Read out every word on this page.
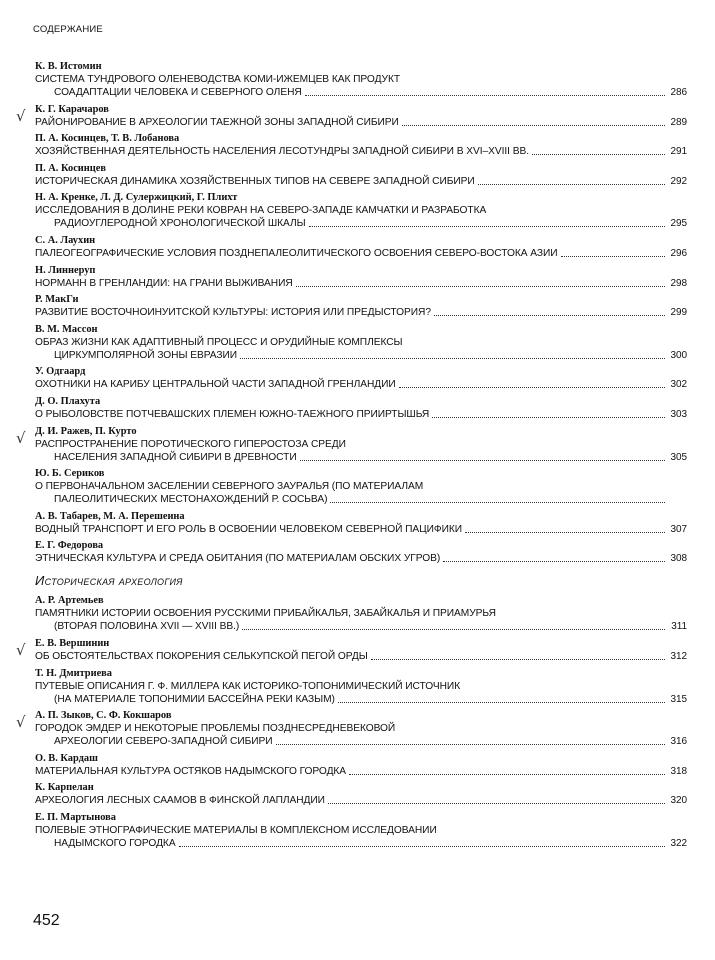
СОДЕРЖАНИЕ
К. В. Истомин
СИСТЕМА ТУНДРОВОГО ОЛЕНЕВОДСТВА КОМИ-ИЖЕМЦЕВ КАК ПРОДУКТ
СОАДАПТАЦИИ ЧЕЛОВЕКА И СЕВЕРНОГО ОЛЕНЯ	286
К. Г. Карачаров
РАЙОНИРОВАНИЕ В АРХЕОЛОГИИ ТАЕЖНОЙ ЗОНЫ ЗАПАДНОЙ СИБИРИ	289
П. А. Косинцев, Т. В. Лобанова
ХОЗЯЙСТВЕННАЯ ДЕЯТЕЛЬНОСТЬ НАСЕЛЕНИЯ ЛЕСОТУНДРЫ ЗАПАДНОЙ СИБИРИ В XVI–XVIII ВВ.	291
П. А. Косинцев
ИСТОРИЧЕСКАЯ ДИНАМИКА ХОЗЯЙСТВЕННЫХ ТИПОВ НА СЕВЕРЕ ЗАПАДНОЙ СИБИРИ	292
Н. А. Кренке, Л. Д. Сулержицкий, Г. Плихт
ИССЛЕДОВАНИЯ В ДОЛИНЕ РЕКИ КОВРАН НА СЕВЕРО-ЗАПАДЕ КАМЧАТКИ И РАЗРАБОТКА
РАДИОУГЛЕРОДНОЙ ХРОНОЛОГИЧЕСКОЙ ШКАЛЫ	295
С. А. Лаухин
ПАЛЕОГЕОГРАФИЧЕСКИЕ УСЛОВИЯ ПОЗДНЕПАЛЕОЛИТИЧЕСКОГО ОСВОЕНИЯ СЕВЕРО-ВОСТОКА АЗИИ	296
Н. Линнеруп
НОРМАНН В ГРЕНЛАНДИИ: НА ГРАНИ ВЫЖИВАНИЯ	298
Р. МакГи
РАЗВИТИЕ ВОСТОЧНОИНУИТСКОЙ КУЛЬТУРЫ: ИСТОРИЯ ИЛИ ПРЕДЫСТОРИЯ?	299
В. М. Массон
ОБРАЗ ЖИЗНИ КАК АДАПТИВНЫЙ ПРОЦЕСС И ОРУДИЙНЫЕ КОМПЛЕКСЫ
ЦИРКУМПОЛЯРНОЙ ЗОНЫ ЕВРАЗИИ	300
У. Одгаард
ОХОТНИКИ НА КАРИБУ ЦЕНТРАЛЬНОЙ ЧАСТИ ЗАПАДНОЙ ГРЕНЛАНДИИ	302
Д. О. Плахута
О РЫБОЛОВСТВЕ ПОТЧЕВАШСКИХ ПЛЕМЕН ЮЖНО-ТАЕЖНОГО ПРИИРТЫШЬЯ	303
Д. И. Ражев, П. Курто
РАСПРОСТРАНЕНИЕ ПОРОТИЧЕСКОГО ГИПЕРОСТОЗА СРЕДИ
НАСЕЛЕНИЯ ЗАПАДНОЙ СИБИРИ В ДРЕВНОСТИ	305
Ю. Б. Сериков
О ПЕРВОНАЧАЛЬНОМ ЗАСЕЛЕНИИ СЕВЕРНОГО ЗАУРАЛЬЯ (ПО МАТЕРИАЛАМ
ПАЛЕОЛИТИЧЕСКИХ МЕСТОНАХОЖДЕНИЙ Р. СОСЬВА)
А. В. Табарев, М. А. Перешеина
ВОДНЫЙ ТРАНСПОРТ И ЕГО РОЛЬ В ОСВОЕНИИ ЧЕЛОВЕКОМ СЕВЕРНОЙ ПАЦИФИКИ	307
Е. Г. Федорова
ЭТНИЧЕСКАЯ КУЛЬТУРА И СРЕДА ОБИТАНИЯ (ПО МАТЕРИАЛАМ ОБСКИХ УГРОВ)	308
Историческая археология
А. Р. Артемьев
ПАМЯТНИКИ ИСТОРИИ ОСВОЕНИЯ РУССКИМИ ПРИБАЙКАЛЬЯ, ЗАБАЙКАЛЬЯ И ПРИАМУРЬЯ
(ВТОРАЯ ПОЛОВИНА XVII — XVIII ВВ.)	311
Е. В. Вершинин
ОБ ОБСТОЯТЕЛЬСТВАХ ПОКОРЕНИЯ СЕЛЬКУПСКОЙ ПЕГОЙ ОРДЫ	312
Т. Н. Дмитриева
ПУТЕВЫЕ ОПИСАНИЯ Г. Ф. МИЛЛЕРА КАК ИСТОРИКО-ТОПОНИМИЧЕСКИЙ ИСТОЧНИК
(НА МАТЕРИАЛЕ ТОПОНИМИИ БАССЕЙНА РЕКИ КАЗЫМ)	315
А. П. Зыков, С. Ф. Кокшаров
ГОРОДОК ЭМДЕР И НЕКОТОРЫЕ ПРОБЛЕМЫ ПОЗДНЕСРЕДНЕВЕКОВОЙ
АРХЕОЛОГИИ СЕВЕРО-ЗАПАДНОЙ СИБИРИ	316
О. В. Кардаш
МАТЕРИАЛЬНАЯ КУЛЬТУРА ОСТЯКОВ НАДЫМСКОГО ГОРОДКА	318
К. Карпелан
АРХЕОЛОГИЯ ЛЕСНЫХ СААМОВ В ФИНСКОЙ ЛАПЛАНДИИ	320
Е. П. Мартынова
ПОЛЕВЫЕ ЭТНОГРАФИЧЕСКИЕ МАТЕРИАЛЫ В КОМПЛЕКСНОМ ИССЛЕДОВАНИИ
НАДЫМСКОГО ГОРОДКА	322
452
√
√
√
√
